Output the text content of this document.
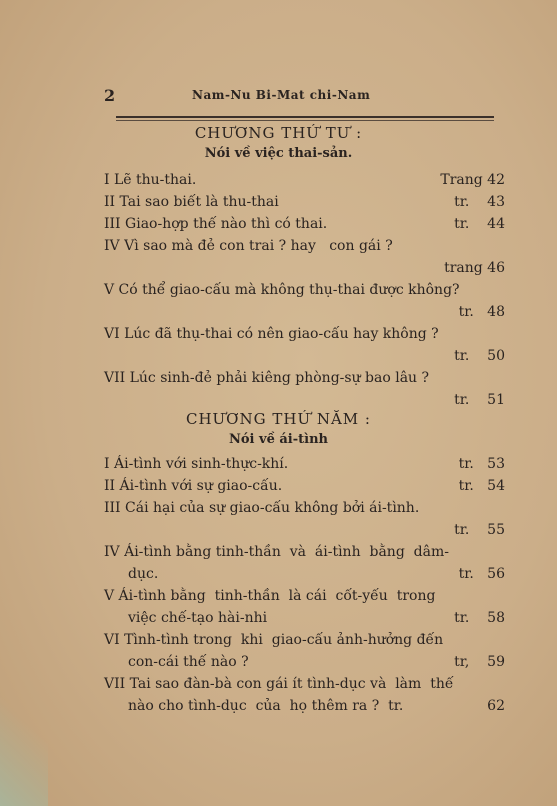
2	Nam-Nu Bi-Mat chi-Nam
CHƯƠNG THỨ TƯ :
Nói về việc thai-sản.
I Lẽ thu-thai.	Trang 42
II Tai sao biết là thu-thai	tr.    43
III Giao-hợp thế nào thì có thai.	tr.    44
IV Vì sao mà đẻ con trai ? hay   con gái ?
trang 46
V Có thể giao-cấu mà không thụ-thai được không?
tr.   48
VI Lúc đã thụ-thai có nên giao-cấu hay không ?
tr.    50
VII Lúc sinh-đẻ phải kiêng phòng-sự bao lâu ?
tr.    51
CHƯƠNG THỨ NĂM :
Nói về ái-tình
I Ái-tình với sinh-thực-khí.	tr.   53
II Ái-tình với sự giao-cấu.	tr.   54
III Cái hại của sự giao-cấu không bởi ái-tình.
tr.    55
IV Ái-tình bằng tinh-thần  và  ái-tình  bằng  dâm-
dục.	tr.   56
V Ái-tình bằng  tinh-thần  là cái  cốt-yếu  trong
việc chế-tạo hài-nhi	tr.    58
VI Tình-tình trong  khi  giao-cấu ảnh-hưởng đến
con-cái thế nào ?	tr,    59
VII Tai sao đàn-bà con gái ít tình-dục và  làm  thế
nào cho tình-dục  của  họ thêm ra ?  tr.	62
